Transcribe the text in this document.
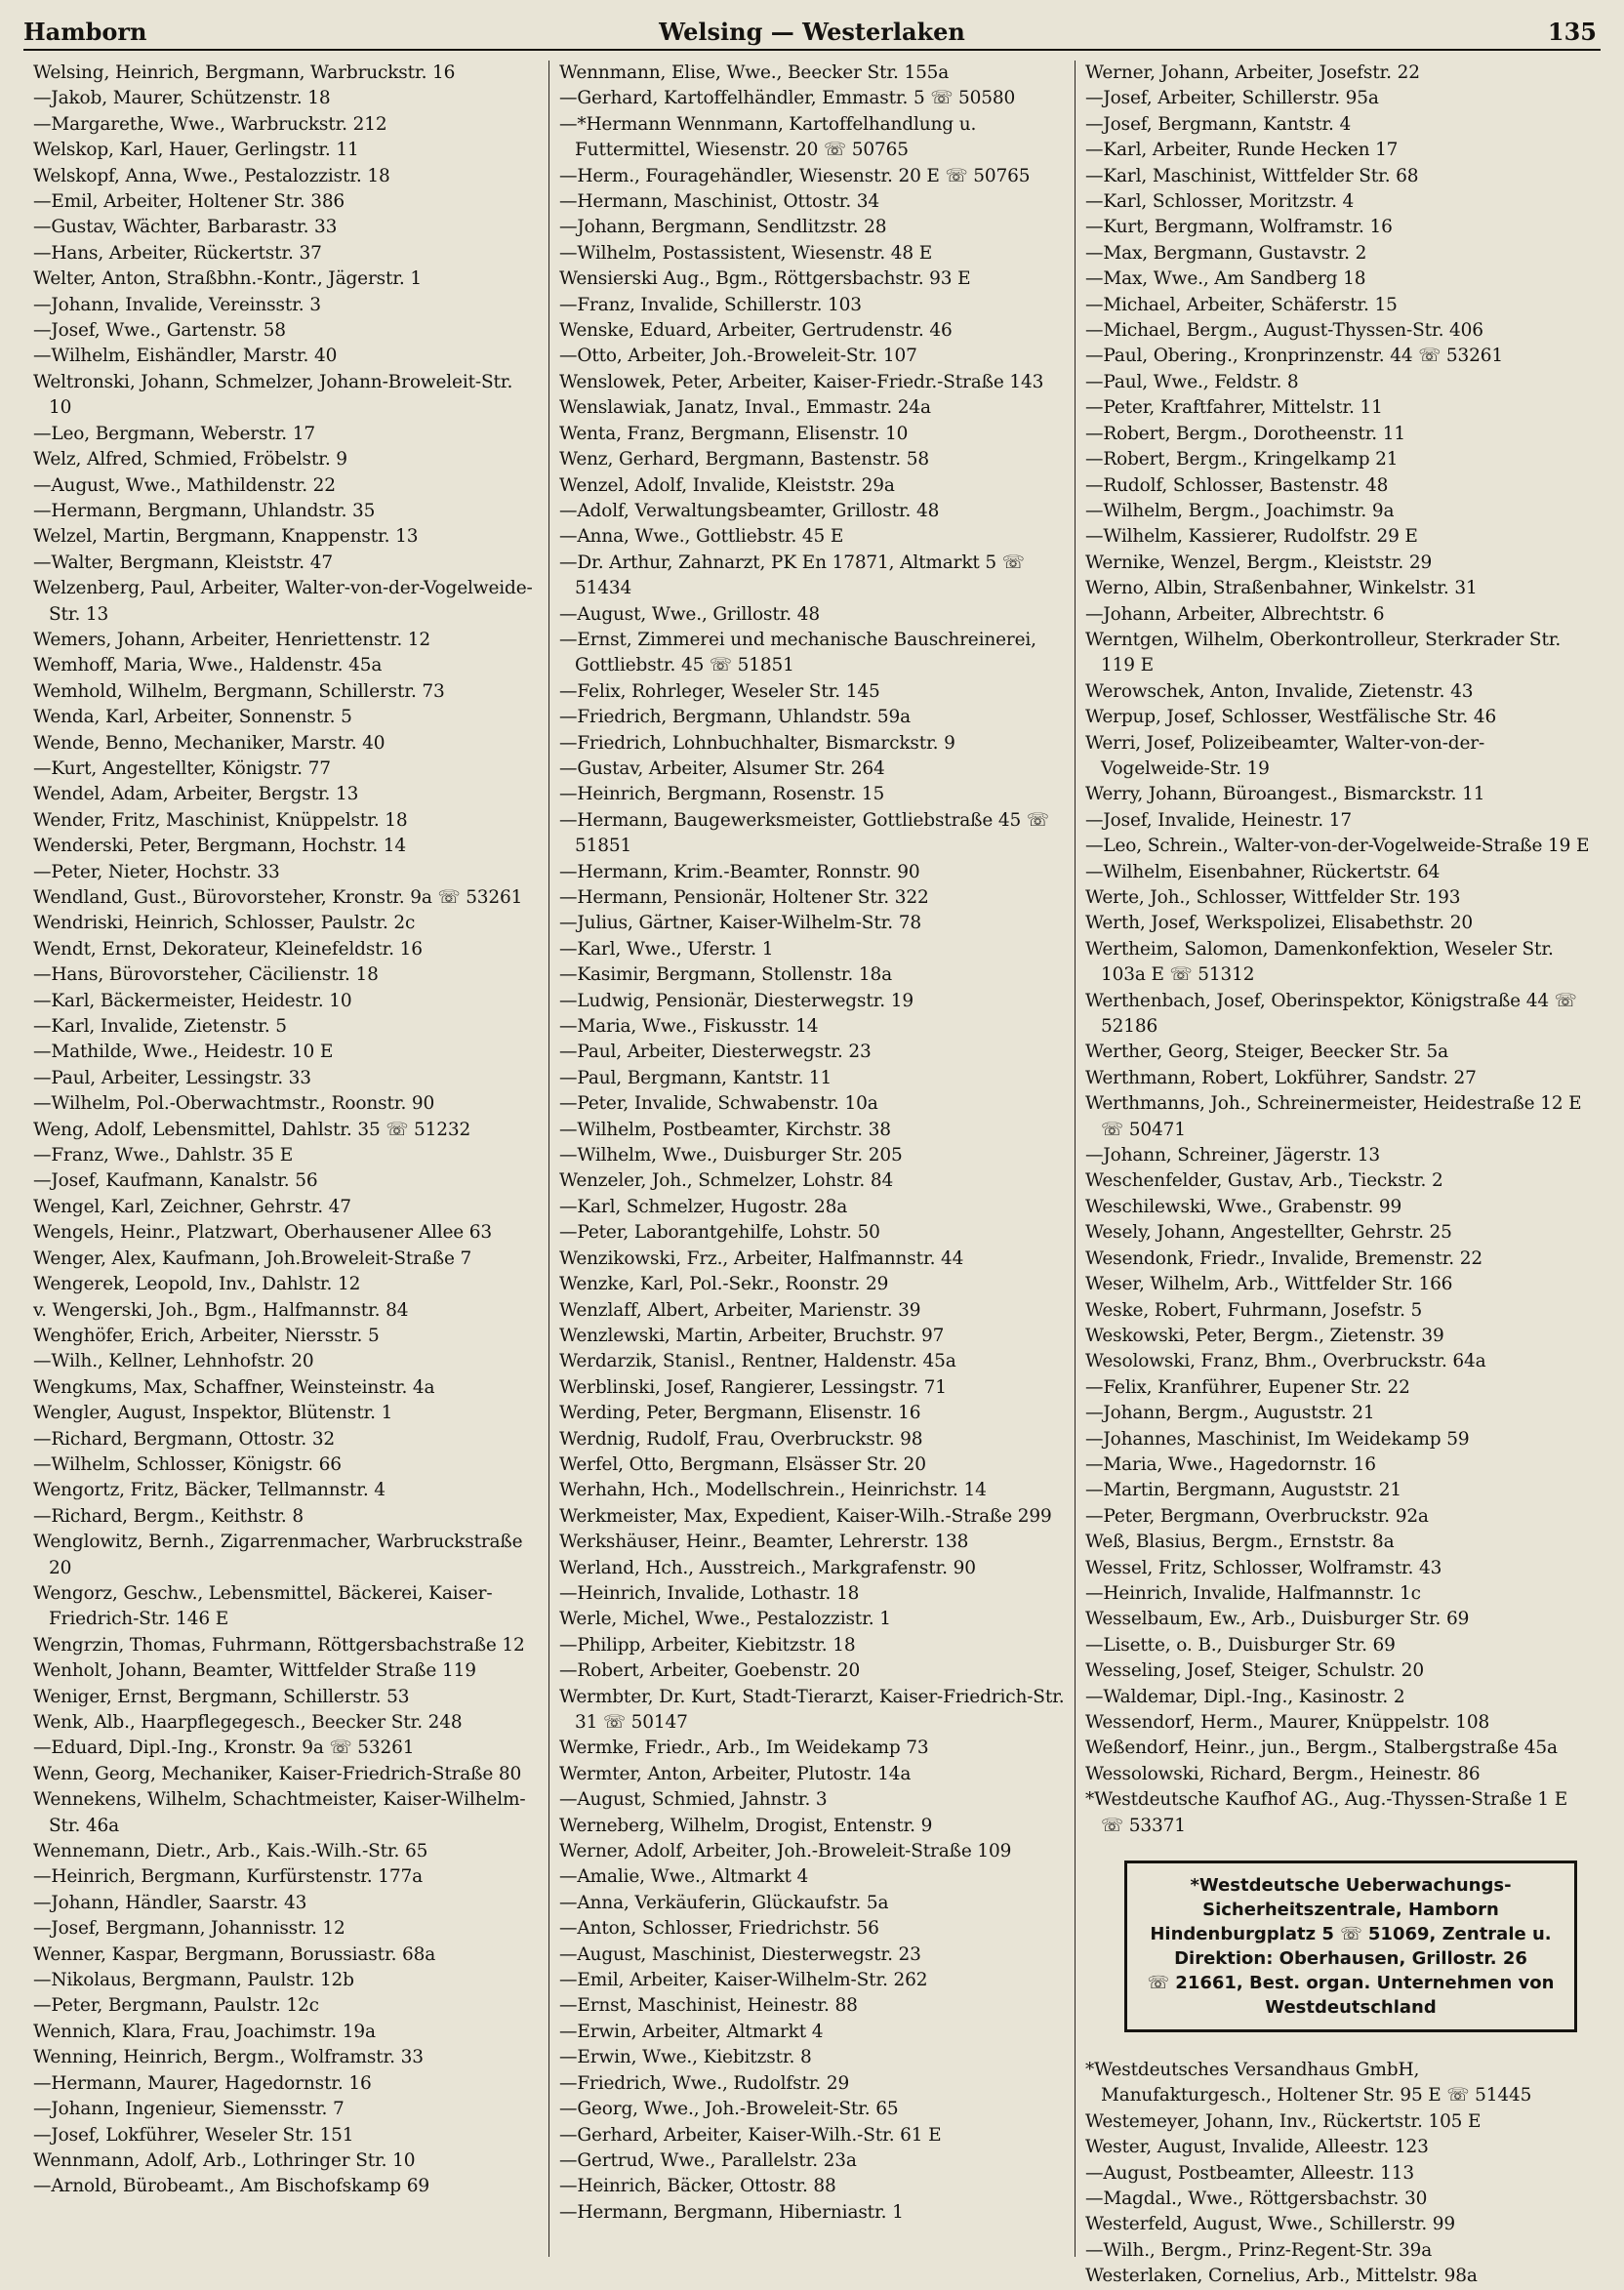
Hamborn	Welsing — Westerlaken	135
Welsing, Heinrich, Bergmann, Warbruckstr. 16
—Jakob, Maurer, Schützenstr. 18
—Margarethe, Wwe., Warbruckstr. 212
Welskop, Karl, Hauer, Gerlingstr. 11
Welskopf, Anna, Wwe., Pestalozzistr. 18
—Emil, Arbeiter, Holtener Str. 386
—Gustav, Wächter, Barbarastr. 33
—Hans, Arbeiter, Rückertstr. 37
Welter, Anton, Straßbhn.-Kontr., Jägerstr. 1
—Johann, Invalide, Vereinsstr. 3
—Josef, Wwe., Gartenstr. 58
—Wilhelm, Eishändler, Marstr. 40
Weltronski, Johann, Schmelzer, Johann-Broweleit-Str. 10
—Leo, Bergmann, Weberstr. 17
Welz, Alfred, Schmied, Fröbelstr. 9
—August, Wwe., Mathildenstr. 22
—Hermann, Bergmann, Uhlandstr. 35
Welzel, Martin, Bergmann, Knappenstr. 13
—Walter, Bergmann, Kleiststr. 47
Welzenberg, Paul, Arbeiter, Walter-von-der-Vogelweide-Str. 13
Wemers, Johann, Arbeiter, Henriettenstr. 12
Wemhoff, Maria, Wwe., Haldenstr. 45a
Wemhold, Wilhelm, Bergmann, Schillerstr. 73
Wenda, Karl, Arbeiter, Sonnenstr. 5
Wende, Benno, Mechaniker, Marstr. 40
—Kurt, Angestellter, Königstr. 77
Wendel, Adam, Arbeiter, Bergstr. 13
Wender, Fritz, Maschinist, Knüppelstr. 18
Wenderski, Peter, Bergmann, Hochstr. 14
—Peter, Nieter, Hochstr. 33
Wendland, Gust., Bürovorsteher, Kronstr. 9a ☏ 53261
Wendriski, Heinrich, Schlosser, Paulstr. 2c
Wendt, Ernst, Dekorateur, Kleinefeldstr. 16
—Hans, Bürovorsteher, Cäcilienstr. 18
—Karl, Bäckermeister, Heidestr. 10
—Karl, Invalide, Zietenstr. 5
—Mathilde, Wwe., Heidestr. 10 E
—Paul, Arbeiter, Lessingstr. 33
—Wilhelm, Pol.-Oberwachtmstr., Roonstr. 90
Weng, Adolf, Lebensmittel, Dahlstr. 35 ☏ 51232
—Franz, Wwe., Dahlstr. 35 E
—Josef, Kaufmann, Kanalstr. 56
Wengel, Karl, Zeichner, Gehrstr. 47
Wengels, Heinr., Platzwart, Oberhausener Allee 63
Wenger, Alex, Kaufmann, Joh.Broweleit-Straße 7
Wengerek, Leopold, Inv., Dahlstr. 12
v. Wengerski, Joh., Bgm., Halfmannstr. 84
Wenghöfer, Erich, Arbeiter, Niersstr. 5
—Wilh., Kellner, Lehnhofstr. 20
Wengkums, Max, Schaffner, Weinsteinstr. 4a
Wengler, August, Inspektor, Blütenstr. 1
—Richard, Bergmann, Ottostr. 32
—Wilhelm, Schlosser, Königstr. 66
Wengortz, Fritz, Bäcker, Tellmannstr. 4
—Richard, Bergm., Keithstr. 8
Wenglowitz, Bernh., Zigarrenmacher, Warbruckstraße 20
Wengorz, Geschw., Lebensmittel, Bäckerei, Kaiser-Friedrich-Str. 146 E
Wengrzin, Thomas, Fuhrmann, Röttgersbachstraße 12
Wenholt, Johann, Beamter, Wittfelder Straße 119
Weniger, Ernst, Bergmann, Schillerstr. 53
Wenk, Alb., Haarpflegegesch., Beecker Str. 248
—Eduard, Dipl.-Ing., Kronstr. 9a ☏ 53261
Wenn, Georg, Mechaniker, Kaiser-Friedrich-Straße 80
Wennekens, Wilhelm, Schachtmeister, Kaiser-Wilhelm-Str. 46a
Wennemann, Dietr., Arb., Kais.-Wilh.-Str. 65
—Heinrich, Bergmann, Kurfürstenstr. 177a
—Johann, Händler, Saarstr. 43
—Josef, Bergmann, Johannisstr. 12
Wenner, Kaspar, Bergmann, Borussiastr. 68a
—Nikolaus, Bergmann, Paulstr. 12b
—Peter, Bergmann, Paulstr. 12c
Wennich, Klara, Frau, Joachimstr. 19a
Wenning, Heinrich, Bergm., Wolframstr. 33
—Hermann, Maurer, Hagedornstr. 16
—Johann, Ingenieur, Siemensstr. 7
—Josef, Lokführer, Weseler Str. 151
Wennmann, Adolf, Arb., Lothringer Str. 10
—Arnold, Bürobeamt., Am Bischofskamp 69
Wennmann, Elise, Wwe., Beecker Str. 155a
—Gerhard, Kartoffelhändler, Emmastr. 5 ☏ 50580
—*Hermann Wennmann, Kartoffelhandlung u. Futtermittel, Wiesenstr. 20 ☏ 50765
—Herm., Fouragehändler, Wiesenstr. 20 E ☏ 50765
—Hermann, Maschinist, Ottostr. 34
—Johann, Bergmann, Sendlitzstr. 28
—Wilhelm, Postassistent, Wiesenstr. 48 E
Wensierski Aug., Bgm., Röttgersbachstr. 93 E
—Franz, Invalide, Schillerstr. 103
Wenske, Eduard, Arbeiter, Gertrudenstr. 46
—Otto, Arbeiter, Joh.-Broweleit-Str. 107
Wenslowek, Peter, Arbeiter, Kaiser-Friedr.-Straße 143
Wenslawiak, Janatz, Inval., Emmastr. 24a
Wenta, Franz, Bergmann, Elisenstr. 10
Wenz, Gerhard, Bergmann, Bastenstr. 58
Wenzel, Adolf, Invalide, Kleiststr. 29a
—Adolf, Verwaltungsbeamter, Grillostr. 48
—Anna, Wwe., Gottliebstr. 45 E
—Dr. Arthur, Zahnarzt, PK En 17871, Altmarkt 5 ☏ 51434
—August, Wwe., Grillostr. 48
—Ernst, Zimmerei und mechanische Bauschreinerei, Gottliebstr. 45 ☏ 51851
—Felix, Rohrleger, Weseler Str. 145
—Friedrich, Bergmann, Uhlandstr. 59a
—Friedrich, Lohnbuchhalter, Bismarckstr. 9
—Gustav, Arbeiter, Alsumer Str. 264
—Heinrich, Bergmann, Rosenstr. 15
—Hermann, Baugewerksmeister, Gottliebstraße 45 ☏ 51851
—Hermann, Krim.-Beamter, Ronnstr. 90
—Hermann, Pensionär, Holtener Str. 322
—Julius, Gärtner, Kaiser-Wilhelm-Str. 78
—Karl, Wwe., Uferstr. 1
—Kasimir, Bergmann, Stollenstr. 18a
—Ludwig, Pensionär, Diesterwegstr. 19
—Maria, Wwe., Fiskusstr. 14
—Paul, Arbeiter, Diesterwegstr. 23
—Paul, Bergmann, Kantstr. 11
—Peter, Invalide, Schwabenstr. 10a
—Wilhelm, Postbeamter, Kirchstr. 38
—Wilhelm, Wwe., Duisburger Str. 205
Wenzeler, Joh., Schmelzer, Lohstr. 84
—Karl, Schmelzer, Hugostr. 28a
—Peter, Laborantgehilfe, Lohstr. 50
Wenzikowski, Frz., Arbeiter, Halfmannstr. 44
Wenzke, Karl, Pol.-Sekr., Roonstr. 29
Wenzlaff, Albert, Arbeiter, Marienstr. 39
Wenzlewski, Martin, Arbeiter, Bruchstr. 97
Werdarzik, Stanisl., Rentner, Haldenstr. 45a
Werblinski, Josef, Rangierer, Lessingstr. 71
Werding, Peter, Bergmann, Elisenstr. 16
Werdnig, Rudolf, Frau, Overbruckstr. 98
Werfel, Otto, Bergmann, Elsässer Str. 20
Werhahn, Hch., Modellschrein., Heinrichstr. 14
Werkmeister, Max, Expedient, Kaiser-Wilh.-Straße 299
Werkshäuser, Heinr., Beamter, Lehrerstr. 138
Werland, Hch., Ausstreich., Markgrafenstr. 90
—Heinrich, Invalide, Lothastr. 18
Werle, Michel, Wwe., Pestalozzistr. 1
—Philipp, Arbeiter, Kiebitzstr. 18
—Robert, Arbeiter, Goebenstr. 20
Wermbter, Dr. Kurt, Stadt-Tierarzt, Kaiser-Friedrich-Str. 31 ☏ 50147
Wermke, Friedr., Arb., Im Weidekamp 73
Wermter, Anton, Arbeiter, Plutostr. 14a
—August, Schmied, Jahnstr. 3
Werneberg, Wilhelm, Drogist, Entenstr. 9
Werner, Adolf, Arbeiter, Joh.-Broweleit-Straße 109
—Amalie, Wwe., Altmarkt 4
—Anna, Verkäuferin, Glückaufstr. 5a
—Anton, Schlosser, Friedrichstr. 56
—August, Maschinist, Diesterwegstr. 23
—Emil, Arbeiter, Kaiser-Wilhelm-Str. 262
—Ernst, Maschinist, Heinestr. 88
—Erwin, Arbeiter, Altmarkt 4
—Erwin, Wwe., Kiebitzstr. 8
—Friedrich, Wwe., Rudolfstr. 29
—Georg, Wwe., Joh.-Broweleit-Str. 65
—Gerhard, Arbeiter, Kaiser-Wilh.-Str. 61 E
—Gertrud, Wwe., Parallelstr. 23a
—Heinrich, Bäcker, Ottostr. 88
—Hermann, Bergmann, Hiberniastr. 1
Werner, Johann, Arbeiter, Josefstr. 22
—Josef, Arbeiter, Schillerstr. 95a
—Josef, Bergmann, Kantstr. 4
—Karl, Arbeiter, Runde Hecken 17
—Karl, Maschinist, Wittfelder Str. 68
—Karl, Schlosser, Moritzstr. 4
—Kurt, Bergmann, Wolframstr. 16
—Max, Bergmann, Gustavstr. 2
—Max, Wwe., Am Sandberg 18
—Michael, Arbeiter, Schäferstr. 15
—Michael, Bergm., August-Thyssen-Str. 406
—Paul, Obering., Kronprinzenstr. 44 ☏ 53261
—Paul, Wwe., Feldstr. 8
—Peter, Kraftfahrer, Mittelstr. 11
—Robert, Bergm., Dorotheenstr. 11
—Robert, Bergm., Kringelkamp 21
—Rudolf, Schlosser, Bastenstr. 48
—Wilhelm, Bergm., Joachimstr. 9a
—Wilhelm, Kassierer, Rudolfstr. 29 E
Wernike, Wenzel, Bergm., Kleiststr. 29
Werno, Albin, Straßenbahner, Winkelstr. 31
—Johann, Arbeiter, Albrechtstr. 6
Werntgen, Wilhelm, Oberkontrolleur, Sterkrader Str. 119 E
Werowschek, Anton, Invalide, Zietenstr. 43
Werpup, Josef, Schlosser, Westfälische Str. 46
Werri, Josef, Polizeibeamter, Walter-von-der-Vogelweide-Str. 19
Werry, Johann, Büroangest., Bismarckstr. 11
—Josef, Invalide, Heinestr. 17
—Leo, Schrein., Walter-von-der-Vogelweide-Straße 19 E
—Wilhelm, Eisenbahner, Rückertstr. 64
Werte, Joh., Schlosser, Wittfelder Str. 193
Werth, Josef, Werkspolizei, Elisabethstr. 20
Wertheim, Salomon, Damenkonfektion, Weseler Str. 103a E ☏ 51312
Werthenbach, Josef, Oberinspektor, Königstraße 44 ☏ 52186
Werther, Georg, Steiger, Beecker Str. 5a
Werthmann, Robert, Lokführer, Sandstr. 27
Werthmanns, Joh., Schreinermeister, Heidestraße 12 E ☏ 50471
—Johann, Schreiner, Jägerstr. 13
Weschenfelder, Gustav, Arb., Tieckstr. 2
Weschilewski, Wwe., Grabenstr. 99
Wesely, Johann, Angestellter, Gehrstr. 25
Wesendonk, Friedr., Invalide, Bremenstr. 22
Weser, Wilhelm, Arb., Wittfelder Str. 166
Weske, Robert, Fuhrmann, Josefstr. 5
Weskowski, Peter, Bergm., Zietenstr. 39
Wesolowski, Franz, Bhm., Overbruckstr. 64a
—Felix, Kranführer, Eupener Str. 22
—Johann, Bergm., Auguststr. 21
—Johannes, Maschinist, Im Weidekamp 59
—Maria, Wwe., Hagedornstr. 16
—Martin, Bergmann, Auguststr. 21
—Peter, Bergmann, Overbruckstr. 92a
Weß, Blasius, Bergm., Ernststr. 8a
Wessel, Fritz, Schlosser, Wolframstr. 43
—Heinrich, Invalide, Halfmannstr. 1c
Wesselbaum, Ew., Arb., Duisburger Str. 69
—Lisette, o. B., Duisburger Str. 69
Wesseling, Josef, Steiger, Schulstr. 20
—Waldemar, Dipl.-Ing., Kasinostr. 2
Wessendorf, Herm., Maurer, Knüppelstr. 108
Weßendorf, Heinr., jun., Bergm., Stalbergstraße 45a
Wessolowski, Richard, Bergm., Heinestr. 86
*Westdeutsche Kaufhof AG., Aug.-Thyssen-Straße 1 E ☏ 53371
*Westdeutsche Ueberwachungs-
Sicherheitszentrale, Hamborn
Hindenburgplatz 5 ☏ 51069, Zentrale u.
Direktion: Oberhausen, Grillostr. 26
☏ 21661, Best. organ. Unternehmen von
Westdeutschland
*Westdeutsches Versandhaus GmbH, Manufakturgesch., Holtener Str. 95 E ☏ 51445
Westemeyer, Johann, Inv., Rückertstr. 105 E
Wester, August, Invalide, Alleestr. 123
—August, Postbeamter, Alleestr. 113
—Magdal., Wwe., Röttgersbachstr. 30
Westerfeld, August, Wwe., Schillerstr. 99
—Wilh., Bergm., Prinz-Regent-Str. 39a
Westerlaken, Cornelius, Arb., Mittelstr. 98a
